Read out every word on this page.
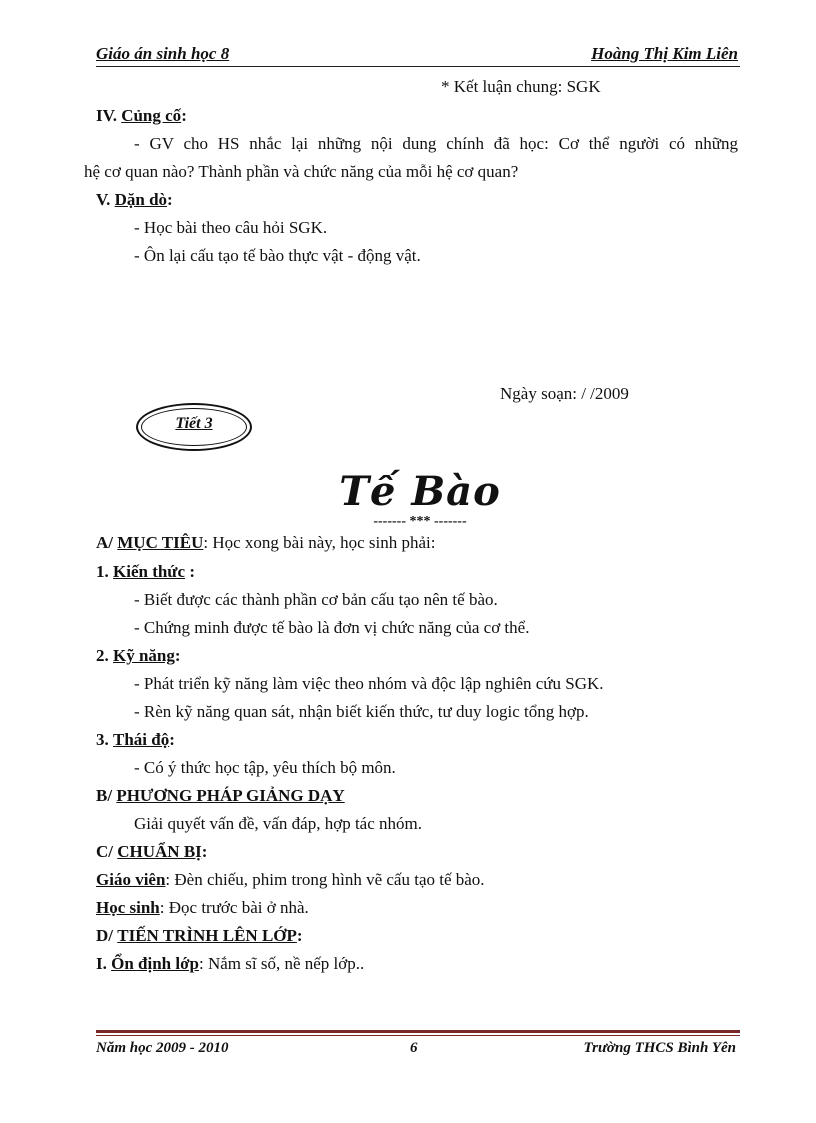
Giáo án sinh học 8	Hoàng Thị Kim Liên
* Kết luận chung: SGK
IV. Củng cố:
- GV cho HS nhắc lại những nội dung chính đã học: Cơ thể người có những
hệ cơ quan nào? Thành phần và chức năng của mỗi hệ cơ quan?
V. Dặn dò:
- Học bài theo câu hỏi SGK.
- Ôn lại cấu tạo tế bào thực vật - động vật.
Ngày soạn: / /2009
Tiết 3
Tế Bào
------- *** -------
A/ MỤC TIÊU: Học xong bài này, học sinh phải:
1. Kiến thức :
- Biết được các thành phần cơ bản cấu tạo nên tế bào.
- Chứng minh được tế bào là đơn vị chức năng của cơ thể.
2. Kỹ năng:
- Phát triển kỹ năng làm việc theo nhóm và độc lập nghiên cứu SGK.
- Rèn kỹ năng quan sát, nhận biết kiến thức, tư duy logic tổng hợp.
3. Thái độ:
- Có ý thức học tập, yêu thích bộ môn.
B/ PHƯƠNG PHÁP GIẢNG DẠY
Giải quyết vấn đề, vấn đáp, hợp tác nhóm.
C/ CHUẨN BỊ:
Giáo viên: Đèn chiếu, phim trong hình vẽ cấu tạo tế bào.
Học sinh: Đọc trước bài ở nhà.
D/ TIẾN TRÌNH LÊN LỚP:
I. Ổn định lớp: Nắm sĩ số, nề nếp lớp..
Năm học 2009 - 2010	6	Trường THCS Bình Yên
